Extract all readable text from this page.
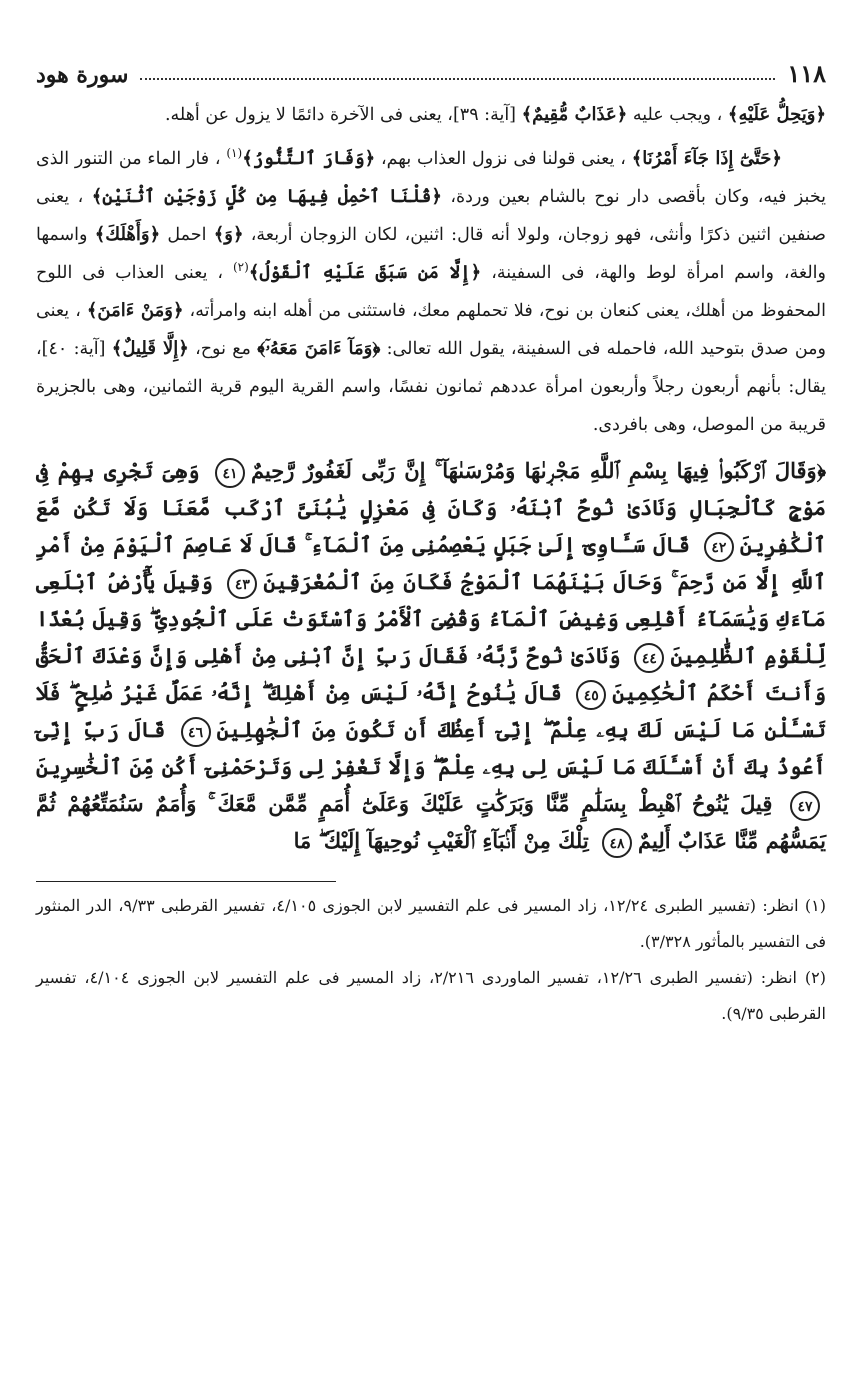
١١٨
سورة هود

﴿وَيَحِلُّ عَلَيْهِ﴾ ، ويجب عليه ﴿عَذَابٌ مُّقِيمٌ﴾ [آية: ٣٩]، يعنى فى الآخرة دائمًا لا يزول عن أهله.

﴿حَتَّىٰٓ إِذَا جَآءَ أَمْرُنَا﴾ ، يعنى قولنا فى نزول العذاب بهم، ﴿وَفَارَ ٱلتَّنُّورُ﴾$^{(١)}$ ، فار الماء من التنور الذى يخبز فيه، وكان بأقصى دار نوح بالشام بعين وردة، ﴿قُلْنَا ٱحْمِلْ فِيهَا مِن كُلٍّ زَوْجَيْنِ ٱثْنَيْنِ﴾ ، يعنى صنفين اثنين ذكرًا وأنثى، فهو زوجان، ولولا أنه قال: اثنين، لكان الزوجان أربعة، ﴿وَ﴾ احمل ﴿وَأَهْلَكَ﴾ واسمها والغة، واسم امرأة لوط والهة، فى السفينة، ﴿إِلَّا مَن سَبَقَ عَلَيْهِ ٱلْقَوْلُ﴾$^{(٢)}$ ، يعنى العذاب فى اللوح المحفوظ من أهلك، يعنى كنعان بن نوح، فلا تحملهم معك، فاستثنى من أهله ابنه وامرأته، ﴿وَمَنْ ءَامَنَ﴾ ، يعنى ومن صدق بتوحيد الله، فاحمله فى السفينة، يقول الله تعالى: ﴿وَمَآ ءَامَنَ مَعَهُۥٓ﴾ مع نوح، ﴿إِلَّا قَلِيلٌ﴾ [آية: ٤٠]، يقال: بأنهم أربعون رجلاً وأربعون امرأة عددهم ثمانون نفسًا، واسم القرية اليوم قرية الثمانين، وهى بالجزيرة قريبة من الموصل، وهى بافردى.

﴿وَقَالَ ٱرْكَبُوا۟ فِيهَا بِسْمِ ٱللَّهِ مَجْرٜىٰهَا وَمُرْسَىٰهَآ ۚ إِنَّ رَبِّى لَغَفُورٌ رَّحِيمٌ٤١ وَهِىَ تَجْرِى بِهِمْ فِى مَوْجٍ كَٱلْجِبَالِ وَنَادَىٰ نُوحٌ ٱبْنَهُۥ وَكَانَ فِى مَعْزِلٍ يَٰبُنَىَّ ٱرْكَب مَّعَنَا وَلَا تَكُن مَّعَ ٱلْكَٰفِرِينَ٤٢ قَالَ سَـَٔاوِىٓ إِلَىٰ جَبَلٍ يَعْصِمُنِى مِنَ ٱلْمَآءِ ۚ قَالَ لَا عَاصِمَ ٱلْيَوْمَ مِنْ أَمْرِ ٱللَّهِ إِلَّا مَن رَّحِمَ ۚ وَحَالَ بَيْنَهُمَا ٱلْمَوْجُ فَكَانَ مِنَ ٱلْمُغْرَقِينَ٤٣ وَقِيلَ يَٰٓأَرْضُ ٱبْلَعِى مَآءَكِ وَيَٰسَمَآءُ أَقْلِعِى وَغِيضَ ٱلْمَآءُ وَقُضِىَ ٱلْأَمْرُ وَٱسْتَوَتْ عَلَى ٱلْجُودِىِّ ۖ وَقِيلَ بُعْدًا لِّلْقَوْمِ ٱلظَّٰلِمِينَ٤٤ وَنَادَىٰ نُوحٌ رَّبَّهُۥ فَقَالَ رَبِّ إِنَّ ٱبْنِى مِنْ أَهْلِى وَإِنَّ وَعْدَكَ ٱلْحَقُّ وَأَنتَ أَحْكَمُ ٱلْحَٰكِمِينَ٤٥ قَالَ يَٰنُوحُ إِنَّهُۥ لَيْسَ مِنْ أَهْلِكَ ۖ إِنَّهُۥ عَمَلٌ غَيْرُ صَٰلِحٍ ۖ فَلَا تَسْـَٔلْنِ مَا لَيْسَ لَكَ بِهِۦ عِلْمٌ ۖ إِنِّىٓ أَعِظُكَ أَن تَكُونَ مِنَ ٱلْجَٰهِلِينَ٤٦ قَالَ رَبِّ إِنِّىٓ أَعُوذُ بِكَ أَنْ أَسْـَٔلَكَ مَا لَيْسَ لِى بِهِۦ عِلْمٌ ۖ وَإِلَّا تَغْفِرْ لِى وَتَرْحَمْنِىٓ أَكُن مِّنَ ٱلْخَٰسِرِينَ٤٧ قِيلَ يَٰنُوحُ ٱهْبِطْ بِسَلَٰمٍ مِّنَّا وَبَرَكَٰتٍ عَلَيْكَ وَعَلَىٰٓ أُمَمٍ مِّمَّن مَّعَكَ ۚ وَأُمَمٌ سَنُمَتِّعُهُمْ ثُمَّ يَمَسُّهُم مِّنَّا عَذَابٌ أَلِيمٌ٤٨ تِلْكَ مِنْ أَنۢبَآءِ ٱلْغَيْبِ نُوحِيهَآ إِلَيْكَ ۖ مَا

(١) انظر: (تفسير الطبرى ١٢/٢٤، زاد المسير فى علم التفسير لابن الجوزى ٤/١٠٥، تفسير القرطبى ٩/٣٣، الدر المنثور فى التفسير بالمأثور ٣/٣٢٨).

(٢) انظر: (تفسير الطبرى ١٢/٢٦، تفسير الماوردى ٢/٢١٦، زاد المسير فى علم التفسير لابن الجوزى ٤/١٠٤، تفسير القرطبى ٩/٣٥).
